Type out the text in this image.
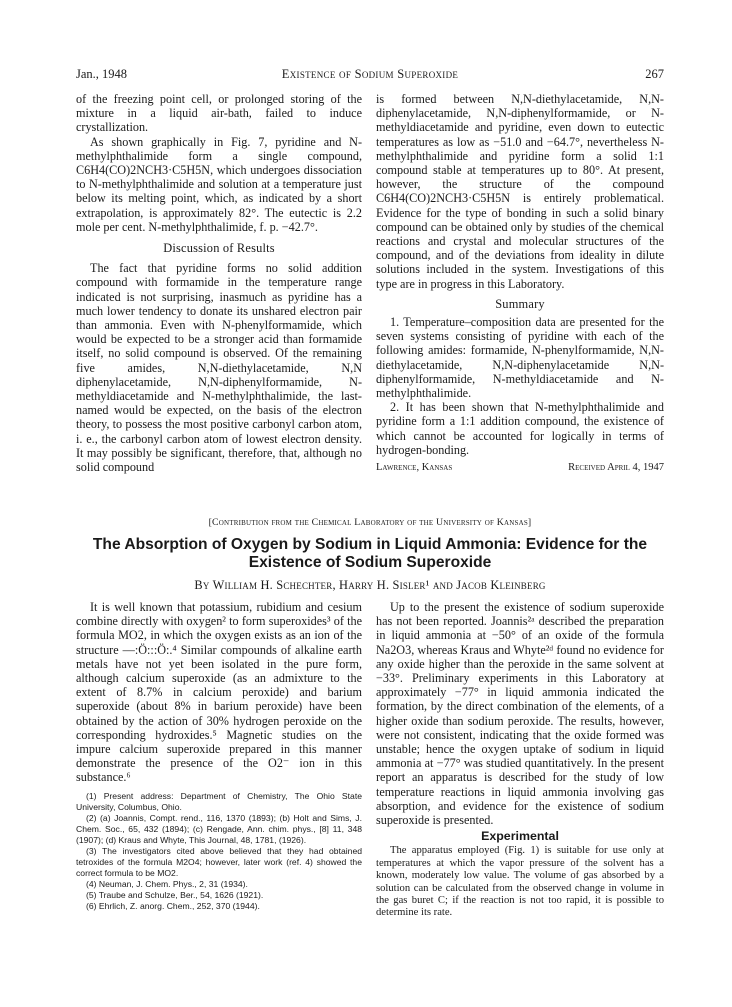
Jan., 1948	Existence of Sodium Superoxide	267

of the freezing point cell, or prolonged storing of the mixture in a liquid air-bath, failed to induce crystallization.

As shown graphically in Fig. 7, pyridine and N-methylphthalimide form a single compound, C6H4(CO)2NCH3·C5H5N, which undergoes dissociation to N-methylphthalimide and solution at a temperature just below its melting point, which, as indicated by a short extrapolation, is approximately 82°. The eutectic is 2.2 mole per cent. N-methylphthalimide, f. p. −42.7°.

Discussion of Results

The fact that pyridine forms no solid addition compound with formamide in the temperature range indicated is not surprising, inasmuch as pyridine has a much lower tendency to donate its unshared electron pair than ammonia. Even with N-phenylformamide, which would be expected to be a stronger acid than formamide itself, no solid compound is observed. Of the remaining five amides, N,N-diethylacetamide, N,N diphenylacetamide, N,N-diphenylformamide, N-methyldiacetamide and N-methylphthalimide, the last-named would be expected, on the basis of the electron theory, to possess the most positive carbonyl carbon atom, i. e., the carbonyl carbon atom of lowest electron density. It may possibly be significant, therefore, that, although no solid compound

is formed between N,N-diethylacetamide, N,N-diphenylacetamide, N,N-diphenylformamide, or N-methyldiacetamide and pyridine, even down to eutectic temperatures as low as −51.0 and −64.7°, nevertheless N-methylphthalimide and pyridine form a solid 1:1 compound stable at temperatures up to 80°. At present, however, the structure of the compound C6H4(CO)2NCH3·C5H5N is entirely problematical. Evidence for the type of bonding in such a solid binary compound can be obtained only by studies of the chemical reactions and crystal and molecular structures of the compound, and of the deviations from ideality in dilute solutions included in the system. Investigations of this type are in progress in this Laboratory.

Summary

1. Temperature–composition data are presented for the seven systems consisting of pyridine with each of the following amides: formamide, N-phenylformamide, N,N-diethylacetamide, N,N-diphenylacetamide N,N-diphenylformamide, N-methyldiacetamide and N-methylphthalimide.

2. It has been shown that N-methylphthalimide and pyridine form a 1:1 addition compound, the existence of which cannot be accounted for logically in terms of hydrogen-bonding.

Lawrence, Kansas	Received April 4, 1947
[Contribution from the Chemical Laboratory of the University of Kansas]
The Absorption of Oxygen by Sodium in Liquid Ammonia: Evidence for the Existence of Sodium Superoxide
By William H. Schechter, Harry H. Sisler¹ and Jacob Kleinberg

It is well known that potassium, rubidium and cesium combine directly with oxygen² to form superoxides³ of the formula MO2, in which the oxygen exists as an ion of the structure —:Ö:::Ö:.⁴ Similar compounds of alkaline earth metals have not yet been isolated in the pure form, although calcium superoxide (as an admixture to the extent of 8.7% in calcium peroxide) and barium superoxide (about 8% in barium peroxide) have been obtained by the action of 30% hydrogen peroxide on the corresponding hydroxides.⁵ Magnetic studies on the impure calcium superoxide prepared in this manner demonstrate the presence of the O2⁻ ion in this substance.⁶

(1) Present address: Department of Chemistry, The Ohio State University, Columbus, Ohio.

(2) (a) Joannis, Compt. rend., 116, 1370 (1893); (b) Holt and Sims, J. Chem. Soc., 65, 432 (1894); (c) Rengade, Ann. chim. phys., [8] 11, 348 (1907); (d) Kraus and Whyte, This Journal, 48, 1781, (1926).

(3) The investigators cited above believed that they had obtained tetroxides of the formula M2O4; however, later work (ref. 4) showed the correct formula to be MO2.

(4) Neuman, J. Chem. Phys., 2, 31 (1934).

(5) Traube and Schulze, Ber., 54, 1626 (1921).

(6) Ehrlich, Z. anorg. Chem., 252, 370 (1944).

Up to the present the existence of sodium superoxide has not been reported. Joannis²ᵃ described the preparation in liquid ammonia at −50° of an oxide of the formula Na2O3, whereas Kraus and Whyte²ᵈ found no evidence for any oxide higher than the peroxide in the same solvent at −33°. Preliminary experiments in this Laboratory at approximately −77° in liquid ammonia indicated the formation, by the direct combination of the elements, of a higher oxide than sodium peroxide. The results, however, were not consistent, indicating that the oxide formed was unstable; hence the oxygen uptake of sodium in liquid ammonia at −77° was studied quantitatively. In the present report an apparatus is described for the study of low temperature reactions in liquid ammonia involving gas absorption, and evidence for the existence of sodium superoxide is presented.

Experimental

The apparatus employed (Fig. 1) is suitable for use only at temperatures at which the vapor pressure of the solvent has a known, moderately low value. The volume of gas absorbed by a solution can be calculated from the observed change in volume in the gas buret C; if the reaction is not too rapid, it is possible to determine its rate.
